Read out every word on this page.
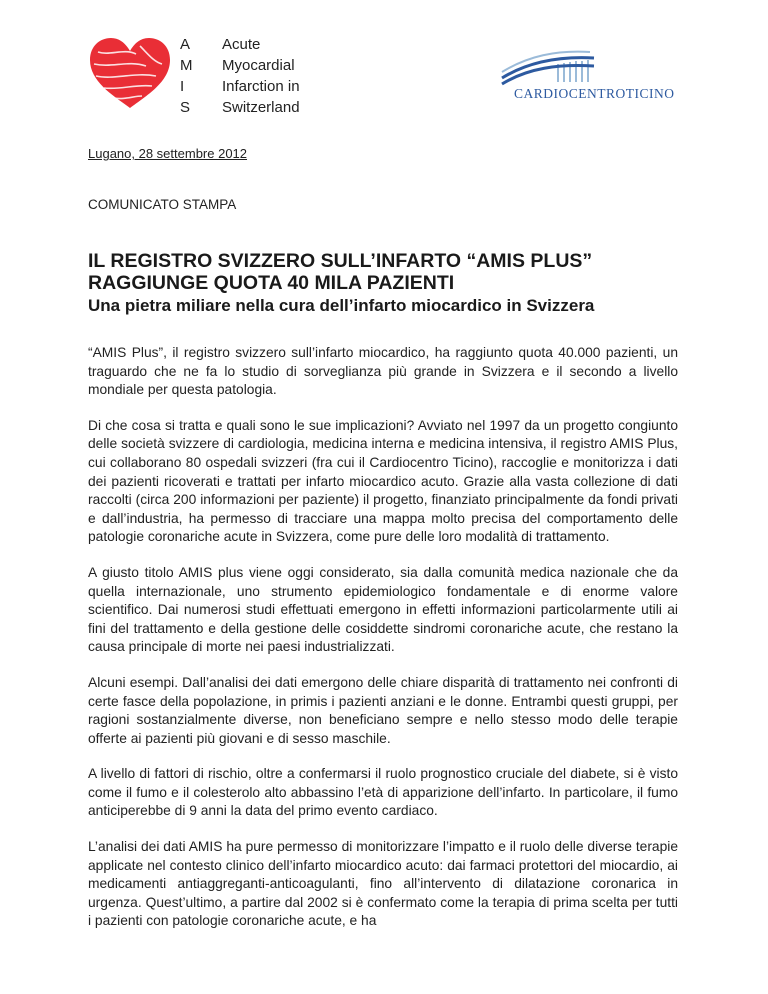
A	Acute
M	Myocardial
I	Infarction in
S	Switzerland
CARDIOCENTROTICINO
Lugano, 28 settembre 2012
COMUNICATO STAMPA
IL REGISTRO SVIZZERO SULL’INFARTO “AMIS PLUS” RAGGIUNGE QUOTA 40 MILA PAZIENTI
Una pietra miliare nella cura dell’infarto miocardico in Svizzera

“AMIS Plus”, il registro svizzero sull’infarto miocardico, ha raggiunto quota 40.000 pazienti, un traguardo che ne fa lo studio di sorveglianza più grande in Svizzera e il secondo a livello mondiale per questa patologia.

Di che cosa si tratta e quali sono le sue implicazioni? Avviato nel 1997 da un progetto congiunto delle società svizzere di cardiologia, medicina interna e medicina intensiva, il registro AMIS Plus, cui collaborano 80 ospedali svizzeri (fra cui il Cardiocentro Ticino), raccoglie e monitorizza i dati dei pazienti ricoverati e trattati per infarto miocardico acuto. Grazie alla vasta collezione di dati raccolti (circa 200 informazioni per paziente) il progetto, finanziato principalmente da fondi privati e dall’industria, ha permesso di tracciare una mappa molto precisa del comportamento delle patologie coronariche acute in Svizzera, come pure delle loro modalità di trattamento.

A giusto titolo AMIS plus viene oggi considerato, sia dalla comunità medica nazionale che da quella internazionale, uno strumento epidemiologico fondamentale e di enorme valore scientifico. Dai numerosi studi effettuati emergono in effetti informazioni particolarmente utili ai fini del trattamento e della gestione delle cosiddette sindromi coronariche acute, che restano la causa principale di morte nei paesi industrializzati.

Alcuni esempi. Dall’analisi dei dati emergono delle chiare disparità di trattamento nei confronti di certe fasce della popolazione, in primis i pazienti anziani e le donne. Entrambi questi gruppi, per ragioni sostanzialmente diverse, non beneficiano sempre e nello stesso modo delle terapie offerte ai pazienti più giovani e di sesso maschile.

A livello di fattori di rischio, oltre a confermarsi il ruolo prognostico cruciale del diabete, si è visto come il fumo e il colesterolo alto abbassino l’età di apparizione dell’infarto. In particolare, il fumo anticiperebbe di 9 anni la data del primo evento cardiaco.

L’analisi dei dati AMIS ha pure permesso di monitorizzare l’impatto e il ruolo delle diverse terapie applicate nel contesto clinico dell’infarto miocardico acuto: dai farmaci protettori del miocardio, ai medicamenti antiaggreganti-anticoagulanti, fino all’intervento di dilatazione coronarica in urgenza. Quest’ultimo, a partire dal 2002 si è confermato come la terapia di prima scelta per tutti i pazienti con patologie coronariche acute, e ha
